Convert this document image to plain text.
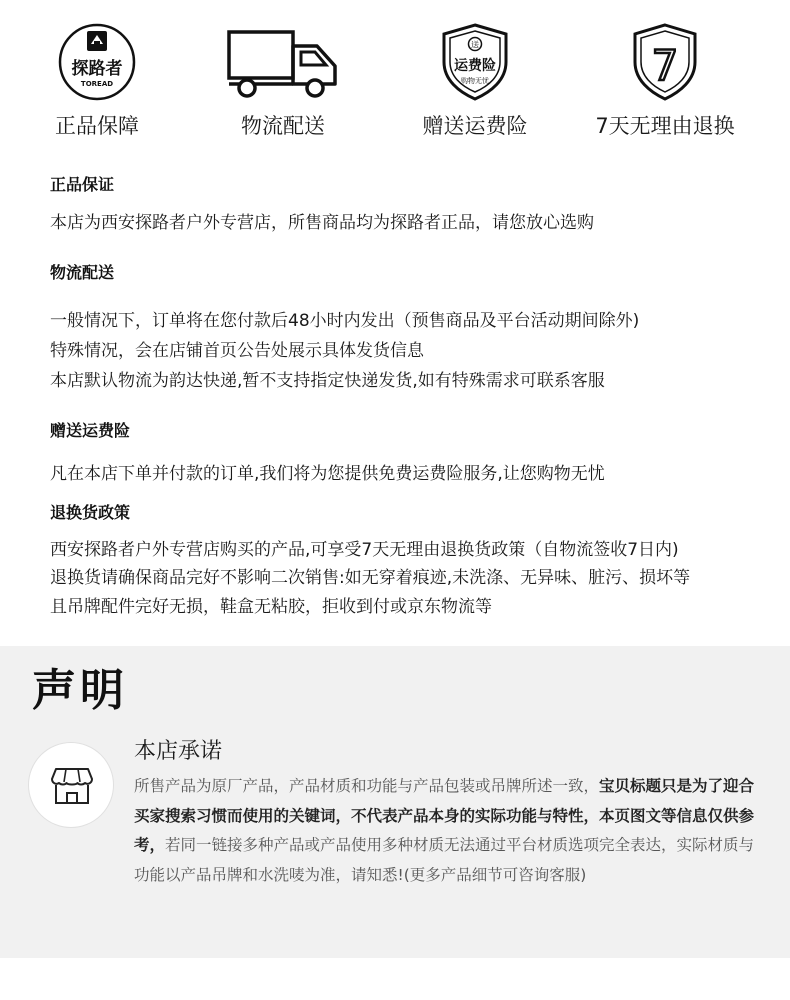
探路者
TOREAD
正品保障	物流配送
送
运费险
购物无忧
赠送运费险
7
7天无理由退换
正品保证
本店为西安探路者户外专营店，所售商品均为探路者正品，请您放心选购
物流配送
一般情况下，订单将在您付款后48小时内发出（预售商品及平台活动期间除外)
特殊情况，会在店铺首页公告处展示具体发货信息
本店默认物流为韵达快递,暂不支持指定快递发货,如有特殊需求可联系客服
赠送运费险
凡在本店下单并付款的订单,我们将为您提供免费运费险服务,让您购物无忧
退换货政策
西安探路者户外专营店购买的产品,可享受7天无理由退换货政策（自物流签收7日内)
退换货请确保商品完好不影响二次销售:如无穿着痕迹,未洗涤、无异味、脏污、损坏等
且吊牌配件完好无损，鞋盒无粘胶，拒收到付或京东物流等
声明
本店承诺

所售产品为原厂产品，产品材质和功能与产品包装或吊牌所述一致，宝贝标题只是为了迎合买家搜索习惯而使用的关键词，不代表产品本身的实际功能与特性，本页图文等信息仅供参考，若同一链接多种产品或产品使用多种材质无法通过平台材质选项完全表达，实际材质与功能以产品吊牌和水洗唛为准，请知悉!(更多产品细节可咨询客服)
